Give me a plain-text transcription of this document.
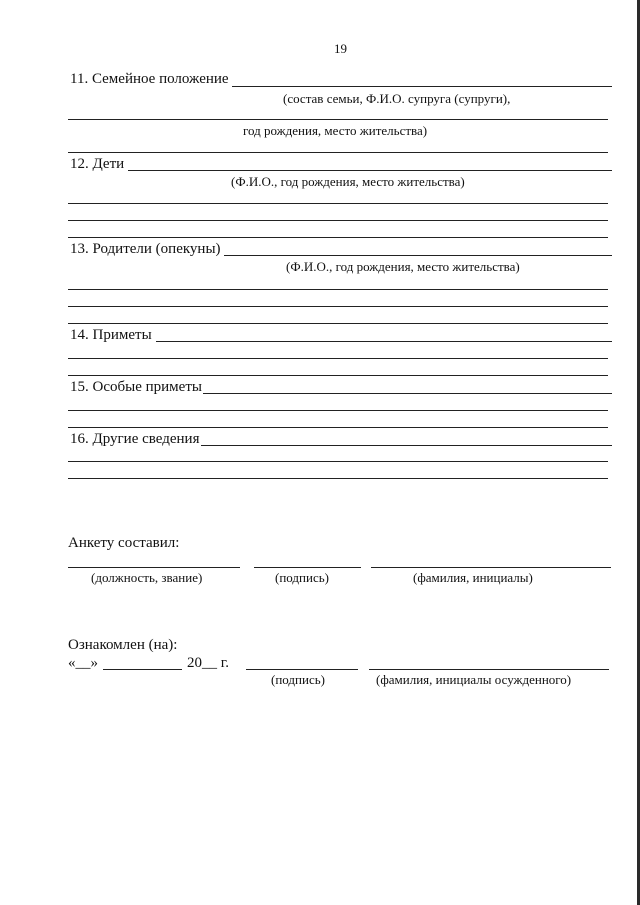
19
11. Семейное положение
(состав семьи, Ф.И.О. супруга (супруги),
год рождения, место жительства)
12. Дети
(Ф.И.О., год рождения, место жительства)
13. Родители (опекуны)
(Ф.И.О., год рождения, место жительства)
14. Приметы
15. Особые приметы
16. Другие сведения
Анкету составил:
(должность, звание)	(подпись)	(фамилия, инициалы)
Ознакомлен (на):
«__»	20__ г.
(подпись)	(фамилия, инициалы осужденного)
